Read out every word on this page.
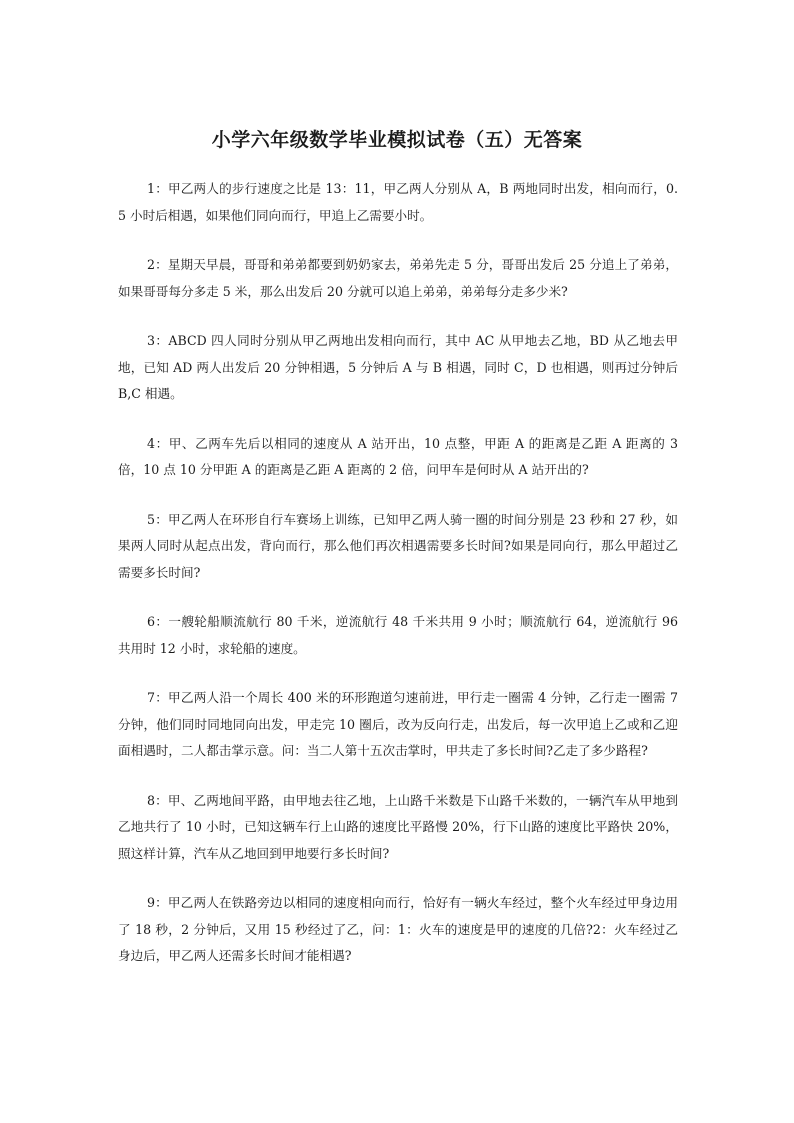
小学六年级数学毕业模拟试卷（五）无答案

1：甲乙两人的步行速度之比是 13：11，甲乙两人分别从 A，B 两地同时出发，相向而行，0.5 小时后相遇，如果他们同向而行，甲追上乙需要小时。

2：星期天早晨，哥哥和弟弟都要到奶奶家去，弟弟先走 5 分，哥哥出发后 25 分追上了弟弟，如果哥哥每分多走 5 米，那么出发后 20 分就可以追上弟弟，弟弟每分走多少米?

3：ABCD 四人同时分别从甲乙两地出发相向而行，其中 AC 从甲地去乙地，BD 从乙地去甲地，已知 AD 两人出发后 20 分钟相遇，5 分钟后 A 与 B 相遇，同时 C，D 也相遇，则再过分钟后 B,C 相遇。

4：甲、乙两车先后以相同的速度从 A 站开出，10 点整，甲距 A 的距离是乙距 A 距离的 3 倍，10 点 10 分甲距 A 的距离是乙距 A 距离的 2 倍，问甲车是何时从 A 站开出的?

5：甲乙两人在环形自行车赛场上训练，已知甲乙两人骑一圈的时间分别是 23 秒和 27 秒，如果两人同时从起点出发，背向而行，那么他们再次相遇需要多长时间?如果是同向行，那么甲超过乙需要多长时间?

6：一艘轮船顺流航行 80 千米，逆流航行 48 千米共用 9 小时；顺流航行 64，逆流航行 96 共用时 12 小时，求轮船的速度。

7：甲乙两人沿一个周长 400 米的环形跑道匀速前进，甲行走一圈需 4 分钟，乙行走一圈需 7 分钟，他们同时同地同向出发，甲走完 10 圈后，改为反向行走，出发后，每一次甲追上乙或和乙迎面相遇时，二人都击掌示意。问：当二人第十五次击掌时，甲共走了多长时间?乙走了多少路程?

8：甲、乙两地间平路，由甲地去往乙地，上山路千米数是下山路千米数的，一辆汽车从甲地到乙地共行了 10 小时，已知这辆车行上山路的速度比平路慢 20%，行下山路的速度比平路快 20%，照这样计算，汽车从乙地回到甲地要行多长时间?

9：甲乙两人在铁路旁边以相同的速度相向而行，恰好有一辆火车经过，整个火车经过甲身边用了 18 秒，2 分钟后，又用 15 秒经过了乙，问：1：火车的速度是甲的速度的几倍?2：火车经过乙身边后，甲乙两人还需多长时间才能相遇?
